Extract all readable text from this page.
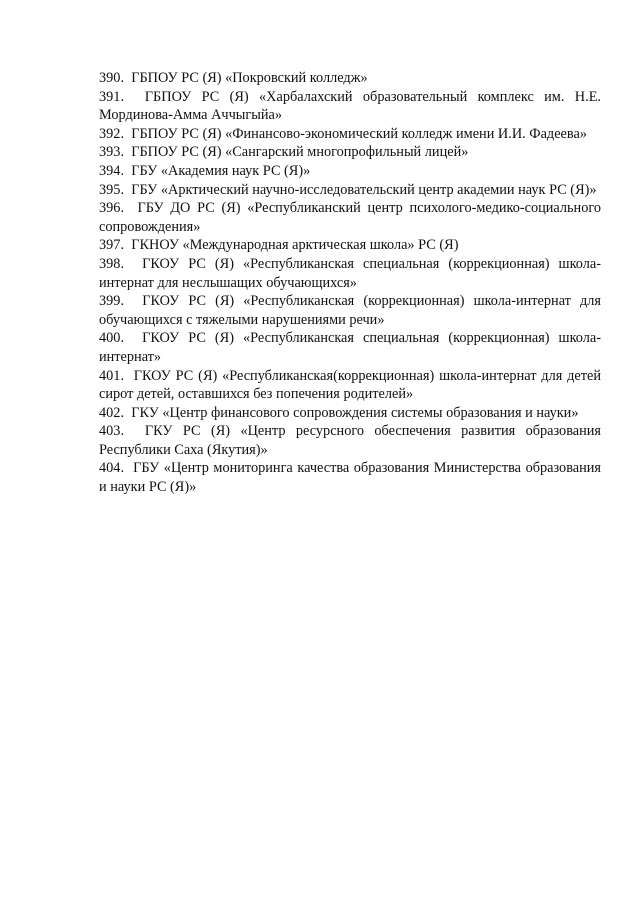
390. ГБПОУ РС (Я) «Покровский колледж»
391. ГБПОУ РС (Я) «Харбалахский образовательный комплекс им. Н.Е. Мординова-Амма Аччыгыйа»
392. ГБПОУ РС (Я) «Финансово-экономический колледж имени И.И. Фадеева»
393. ГБПОУ РС (Я) «Сангарский многопрофильный лицей»
394. ГБУ «Академия наук РС (Я)»
395. ГБУ «Арктический научно-исследовательский центр академии наук РС (Я)»
396. ГБУ ДО РС (Я) «Республиканский центр психолого-медико-социального сопровождения»
397. ГКНОУ «Международная арктическая школа» РС (Я)
398. ГКОУ РС (Я) «Республиканская специальная (коррекционная) школа-интернат для неслышащих обучающихся»
399. ГКОУ РС (Я) «Республиканская (коррекционная) школа-интернат для обучающихся с тяжелыми нарушениями речи»
400. ГКОУ РС (Я) «Республиканская специальная (коррекционная) школа-интернат»
401. ГКОУ РС (Я) «Республиканская(коррекционная) школа-интернат для детей сирот детей, оставшихся без попечения родителей»
402. ГКУ «Центр финансового сопровождения системы образования и науки»
403. ГКУ РС (Я) «Центр ресурсного обеспечения развития образования Республики Саха (Якутия)»
404. ГБУ «Центр мониторинга качества образования Министерства образования и науки РС (Я)»
